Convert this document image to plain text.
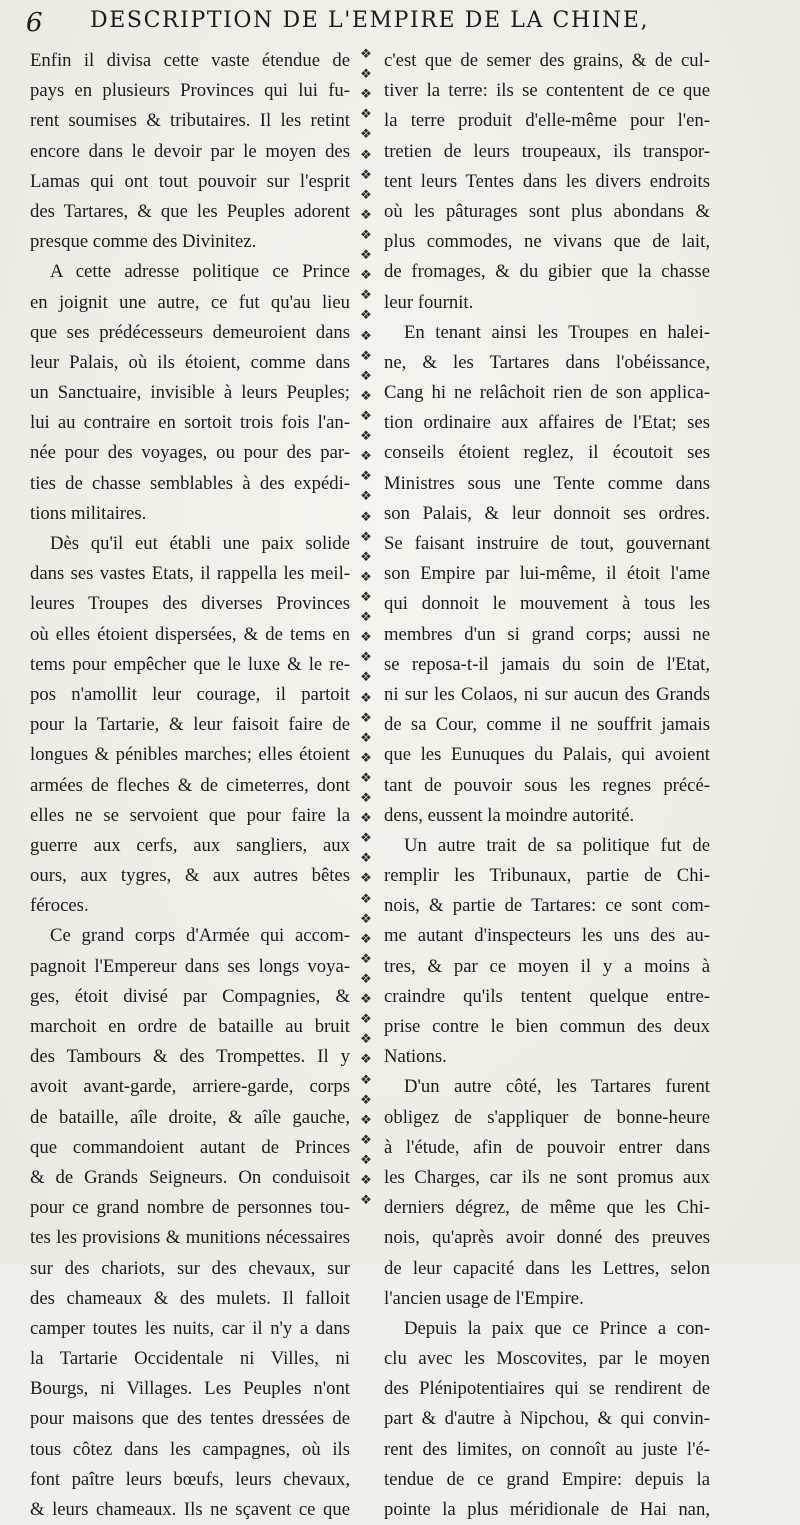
6 DESCRIPTION DE L'EMPIRE DE LA CHINE,
Enfin il divisa cette vaste étendue de
pays en plusieurs Provinces qui lui fu-
rent soumises & tributaires. Il les retint
encore dans le devoir par le moyen des
Lamas qui ont tout pouvoir sur l'esprit
des Tartares, & que les Peuples adorent
presque comme des Divinitez.
A cette adresse politique ce Prince
en joignit une autre, ce fut qu'au lieu
que ses prédécesseurs demeuroient dans
leur Palais, où ils étoient, comme dans
un Sanctuaire, invisible à leurs Peuples;
lui au contraire en sortoit trois fois l'an-
née pour des voyages, ou pour des par-
ties de chasse semblables à des expédi-
tions militaires.
Dès qu'il eut établi une paix solide
dans ses vastes Etats, il rappella les meil-
leures Troupes des diverses Provinces
où elles étoient dispersées, & de tems en
tems pour empêcher que le luxe & le re-
pos n'amollit leur courage, il partoit
pour la Tartarie, & leur faisoit faire de
longues & pénibles marches; elles étoient
armées de fleches & de cimeterres, dont
elles ne se servoient que pour faire la
guerre aux cerfs, aux sangliers, aux
ours, aux tygres, & aux autres bêtes
féroces.
Ce grand corps d'Armée qui accom-
pagnoit l'Empereur dans ses longs voya-
ges, étoit divisé par Compagnies, &
marchoit en ordre de bataille au bruit
des Tambours & des Trompettes. Il y
avoit avant-garde, arriere-garde, corps
de bataille, aîle droite, & aîle gauche,
que commandoient autant de Princes
& de Grands Seigneurs. On conduisoit
pour ce grand nombre de personnes tou-
tes les provisions & munitions nécessaires
sur des chariots, sur des chevaux, sur
des chameaux & des mulets. Il falloit
camper toutes les nuits, car il n'y a dans
la Tartarie Occidentale ni Villes, ni
Bourgs, ni Villages. Les Peuples n'ont
pour maisons que des tentes dressées de
tous côtez dans les campagnes, où ils
font paître leurs bœufs, leurs chevaux,
& leurs chameaux. Ils ne sçavent ce que
❖
❖
❖
❖
❖
❖
❖
❖
❖
❖
❖
❖
❖
❖
❖
❖
❖
❖
❖
❖
❖
❖
❖
❖
❖
❖
❖
❖
❖
❖
❖
❖
❖
❖
❖
❖
❖
❖
❖
❖
❖
❖
❖
❖
❖
❖
❖
❖
❖
❖
❖
❖
❖
❖
❖
❖
❖
❖
c'est que de semer des grains, & de cul-
tiver la terre: ils se contentent de ce que
la terre produit d'elle-même pour l'en-
tretien de leurs troupeaux, ils transpor-
tent leurs Tentes dans les divers endroits
où les pâturages sont plus abondans &
plus commodes, ne vivans que de lait,
de fromages, & du gibier que la chasse
leur fournit.
En tenant ainsi les Troupes en halei-
ne, & les Tartares dans l'obéissance,
Cang hi ne relâchoit rien de son applica-
tion ordinaire aux affaires de l'Etat; ses
conseils étoient reglez, il écoutoit ses
Ministres sous une Tente comme dans
son Palais, & leur donnoit ses ordres.
Se faisant instruire de tout, gouvernant
son Empire par lui-même, il étoit l'ame
qui donnoit le mouvement à tous les
membres d'un si grand corps; aussi ne
se reposa-t-il jamais du soin de l'Etat,
ni sur les Colaos, ni sur aucun des Grands
de sa Cour, comme il ne souffrit jamais
que les Eunuques du Palais, qui avoient
tant de pouvoir sous les regnes précé-
dens, eussent la moindre autorité.
Un autre trait de sa politique fut de
remplir les Tribunaux, partie de Chi-
nois, & partie de Tartares: ce sont com-
me autant d'inspecteurs les uns des au-
tres, & par ce moyen il y a moins à
craindre qu'ils tentent quelque entre-
prise contre le bien commun des deux
Nations.
D'un autre côté, les Tartares furent
obligez de s'appliquer de bonne-heure
à l'étude, afin de pouvoir entrer dans
les Charges, car ils ne sont promus aux
derniers dégrez, de même que les Chi-
nois, qu'après avoir donné des preuves
de leur capacité dans les Lettres, selon
l'ancien usage de l'Empire.
Depuis la paix que ce Prince a con-
clu avec les Moscovites, par le moyen
des Plénipotentiaires qui se rendirent de
part & d'autre à Nipchou, & qui convin-
rent des limites, on connoît au juste l'é-
tendue de ce grand Empire: depuis la
pointe la plus méridionale de Hai nan,
